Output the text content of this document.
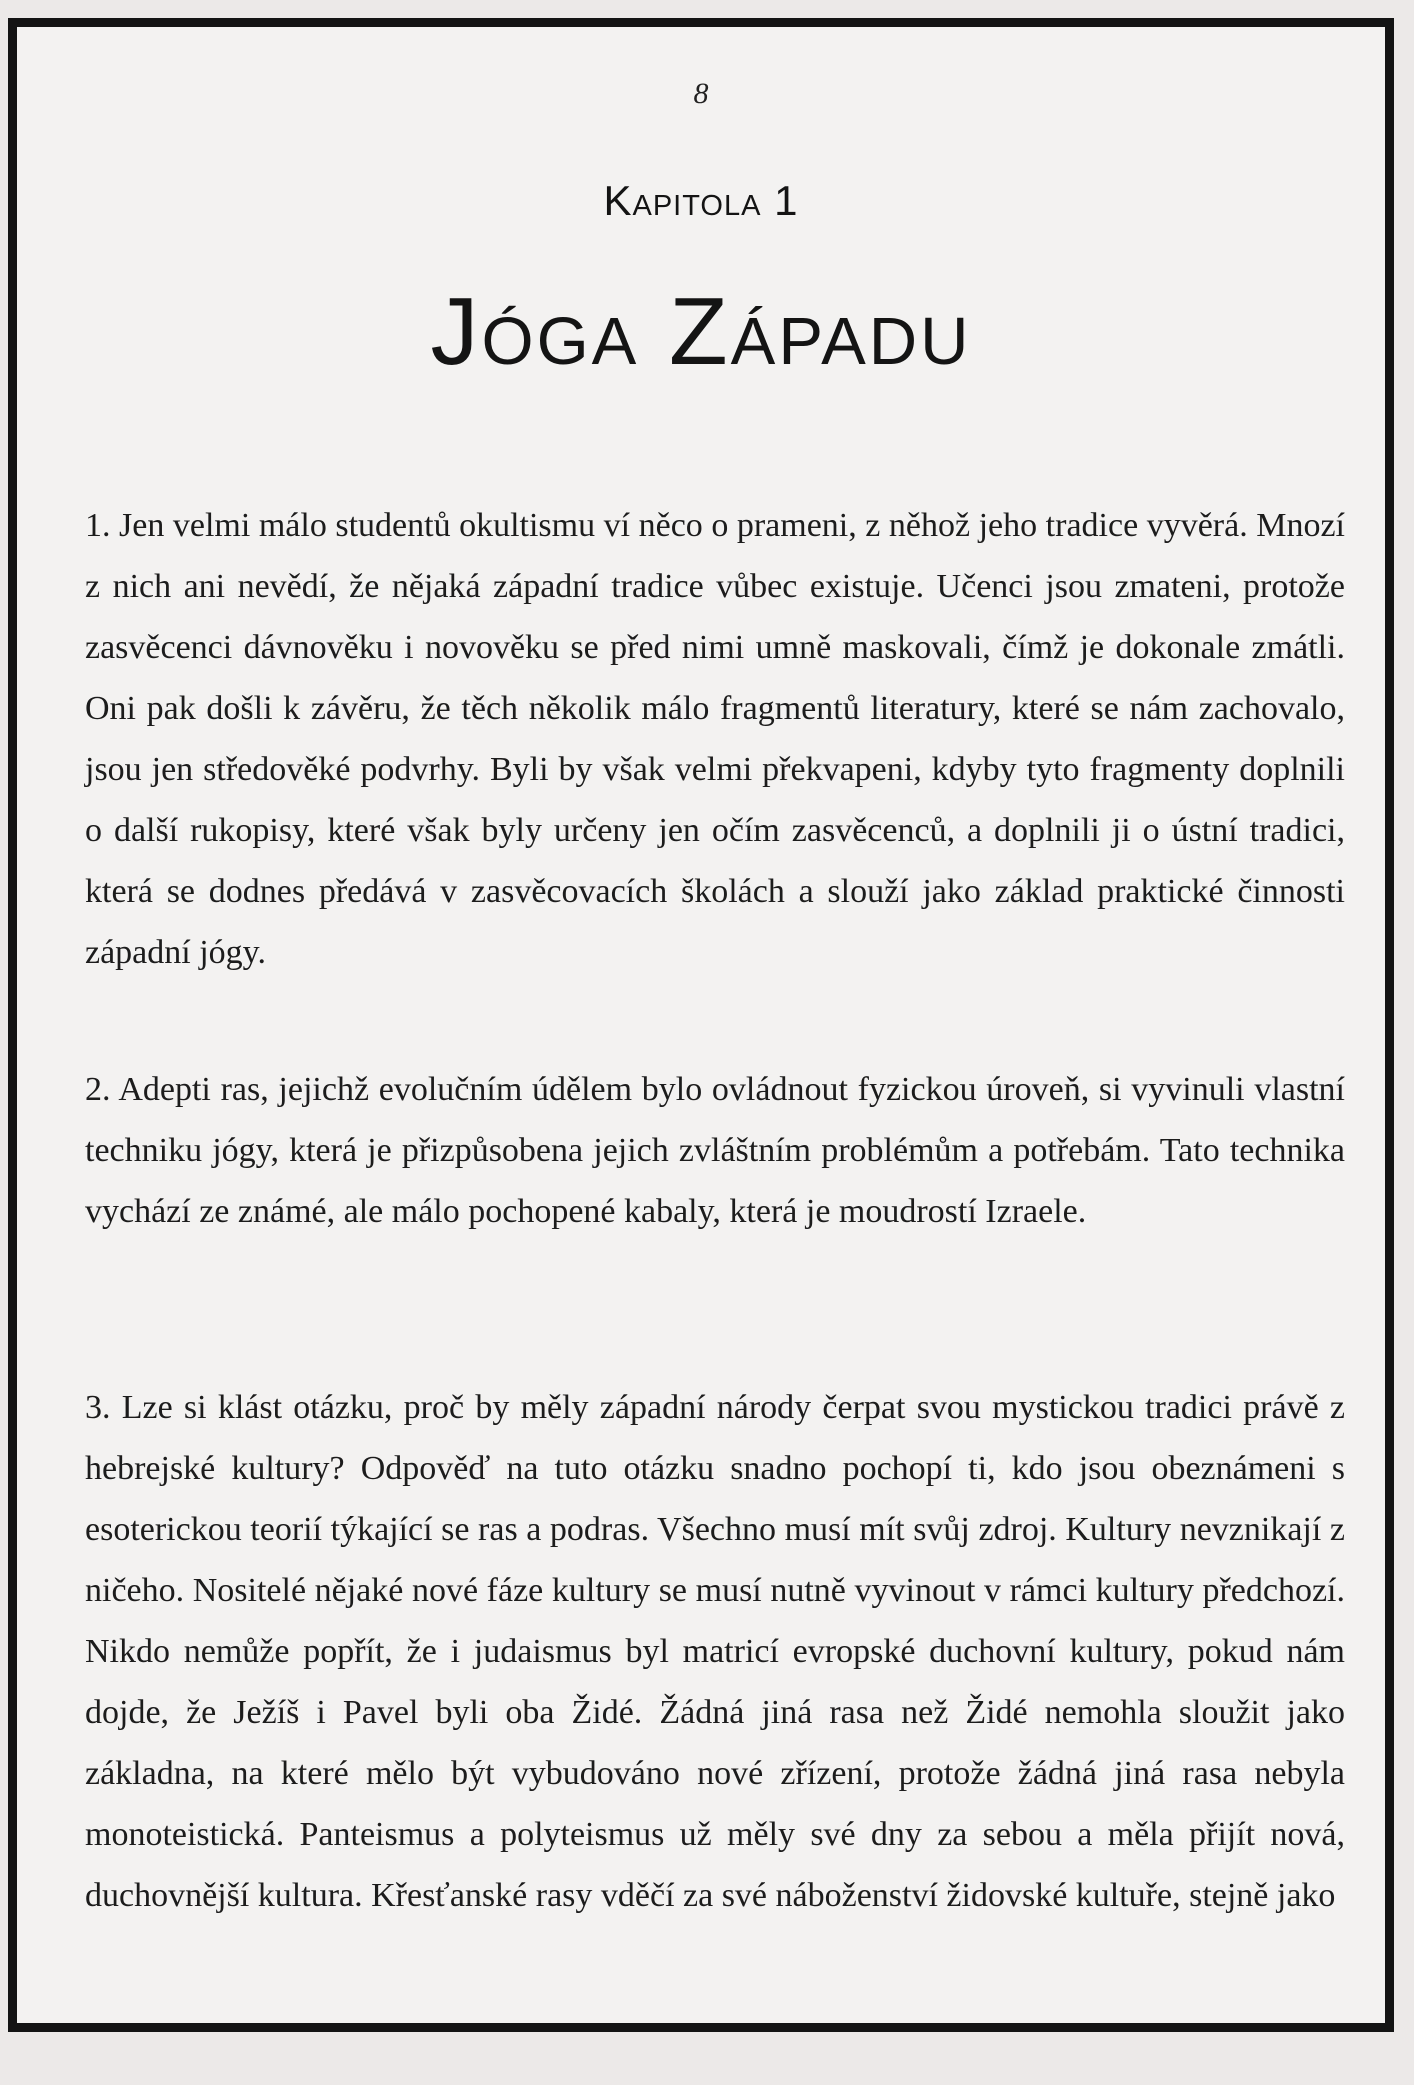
8
Kapitola 1
Jóga Západu

1. Jen velmi málo studentů okultismu ví něco o prameni, z něhož jeho tradice vyvěrá. Mnozí z nich ani nevědí, že nějaká západní tradice vůbec existuje. Učenci jsou zmateni, protože zasvěcenci dávnověku i novověku se před nimi umně maskovali, čímž je dokonale zmátli. Oni pak došli k závěru, že těch několik málo fragmentů literatury, které se nám zachovalo, jsou jen středověké podvrhy. Byli by však velmi překvapeni, kdyby tyto fragmenty doplnili o další rukopisy, které však byly určeny jen očím zasvěcenců, a doplnili ji o ústní tradici, která se dodnes předává v zasvěcovacích školách a slouží jako základ praktické činnosti západní jógy.

2. Adepti ras, jejichž evolučním údělem bylo ovládnout fyzickou úroveň, si vyvinuli vlastní techniku jógy, která je přizpůsobena jejich zvláštním problémům a potřebám. Tato technika vychází ze známé, ale málo pochopené kabaly, která je moudrostí Izraele.

3. Lze si klást otázku, proč by měly západní národy čerpat svou mystickou tradici právě z hebrejské kultury? Odpověď na tuto otázku snadno pochopí ti, kdo jsou obeznámeni s esoterickou teorií týkající se ras a podras. Všechno musí mít svůj zdroj. Kultury nevznikají z ničeho. Nositelé nějaké nové fáze kultury se musí nutně vyvinout v rámci kultury předchozí. Nikdo nemůže popřít, že i judaismus byl matricí evropské duchovní kultury, pokud nám dojde, že Ježíš i Pavel byli oba Židé. Žádná jiná rasa než Židé nemohla sloužit jako základna, na které mělo být vybudováno nové zřízení, protože žádná jiná rasa nebyla monoteistická. Panteismus a polyteismus už měly své dny za sebou a měla přijít nová, duchovnější kultura. Křesťanské rasy vděčí za své náboženství židovské kultuře, stejně jako
